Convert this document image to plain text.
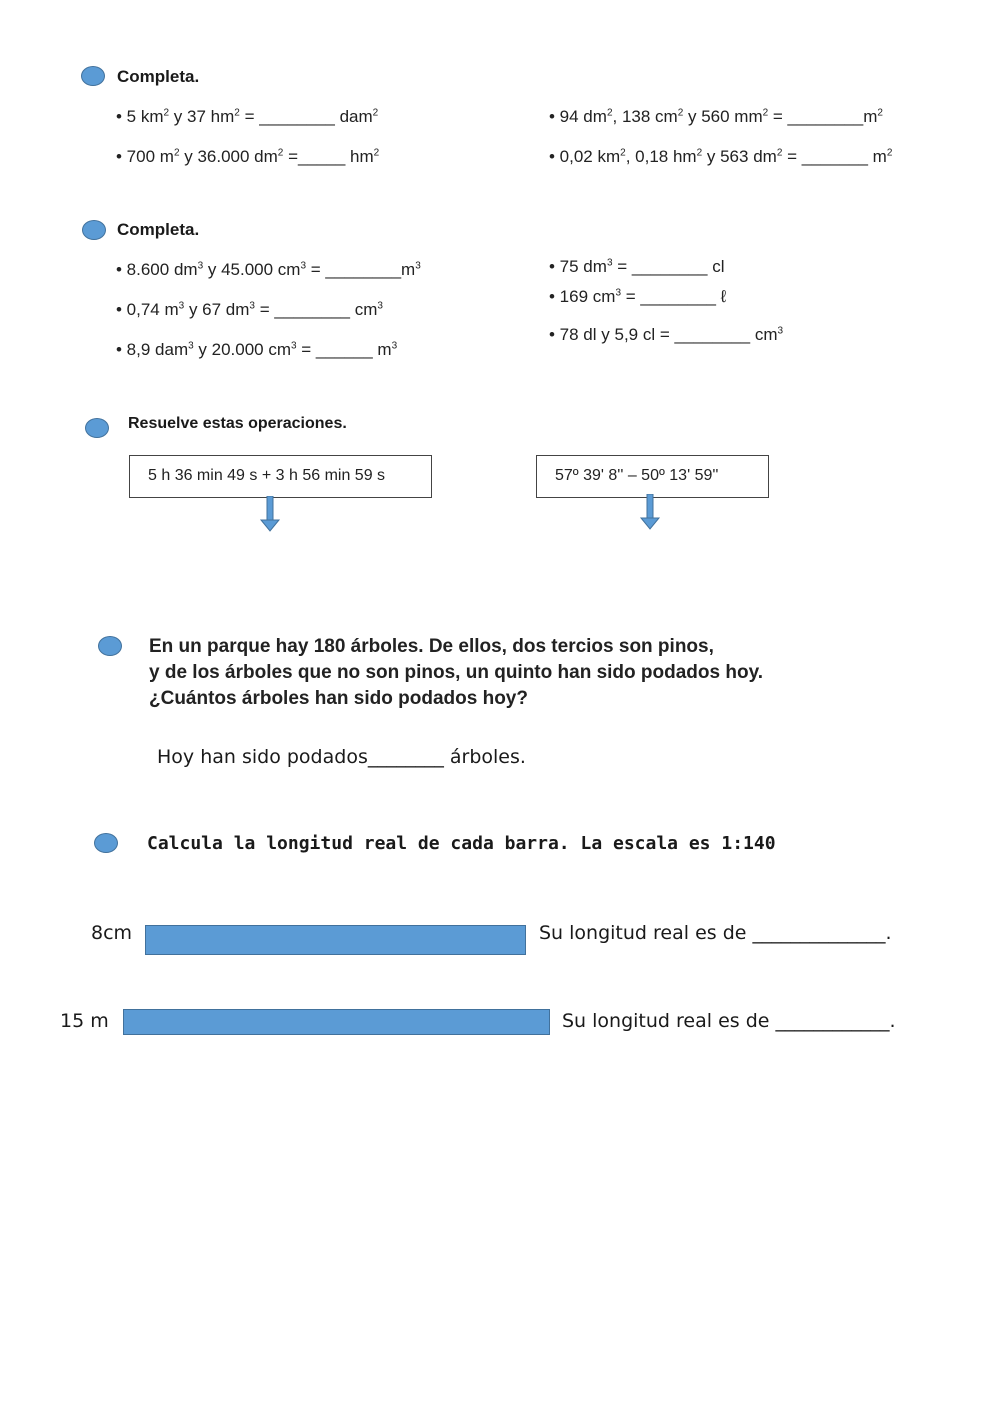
Completa.
• 5 $km^2$ y 37 $hm^2$ = ________ dam$^2$
• 700 $m^2$ y 36.000 $dm^2$ =_____ $hm^2$
• 94 $dm^2$, 138 $cm^2$ y 560 $mm^2$ = $\_\_\_\_\_\_\_\_m^2$
• 0,02 $km^2$, 0,18 $hm^2$ y 563 $dm^2$ = _______ $m^2$
Completa.
• 8.600 $dm^3$ y 45.000 $cm^3$ = $\_\_\_\_\_\_\_\_m^3$
• 0,74 $m^3$ y 67 $dm^3$ = ________ $cm^3$
• 8,9 dam$^3$ y 20.000 $cm^3$ = ______ $m^3$
• 75 $dm^3$ = ________ cl
• 169 $cm^3$ = ________ ℓ
• 78 dl y 5,9 cl = ________ $cm^3$
Resuelve estas operaciones.
5 h 36 min 49 s + 3 h 56 min 59 s	57º 39' 8'' – 50º 13' 59''
En un parque hay 180 árboles. De ellos, dos tercios son pinos,
y de los árboles que no son pinos, un quinto han sido podados hoy.
¿Cuántos árboles han sido podados hoy?
Hoy han sido podados________ árboles.
Calcula la longitud real de cada barra. La escala es 1:140
8cm	Su longitud real es de ______________.
15 m	Su longitud real es de ____________.
